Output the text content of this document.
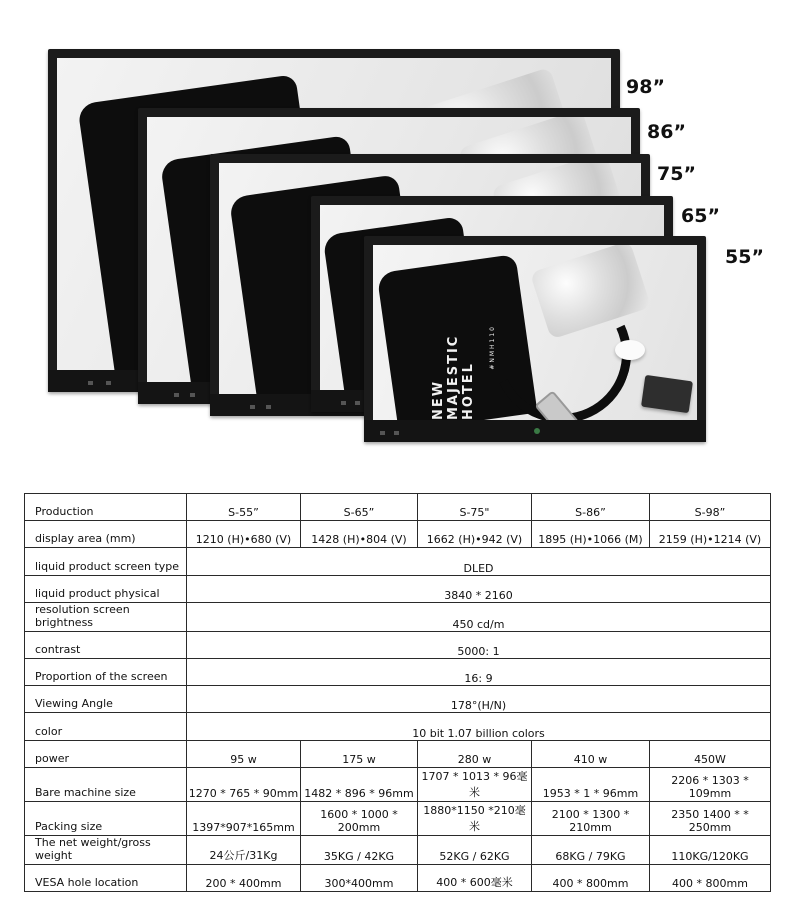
98”
86”
75”
65”
NEW MAJESTIC HOTEL
#NMH110
55”
Production	S-55”	S-65”	S-75"	S-86”	S-98”
display area (mm)	1210 (H)•680 (V)	1428 (H)•804 (V)	1662 (H)•942 (V)	1895 (H)•1066 (M)	2159 (H)•1214 (V)
liquid product screen type	DLED				
liquid product physical	3840 * 2160				
resolution screen brightness	450 cd/m				
contrast	5000: 1				
Proportion of the screen	16: 9				
Viewing Angle	178°(H/N)				
color	10 bit 1.07 billion colors				
power	95 w	175 w	280 w	410 w	450W
Bare machine size	1270 * 765 * 90mm	1482 * 896 * 96mm	1707 * 1013 * 96毫米	1953 * 1 * 96mm	2206 * 1303 * 109mm
Packing size	1397*907*165mm	1600 * 1000 * 200mm	1880*1150 *210毫米	2100 * 1300 * 210mm	2350 1400 * * 250mm
The net weight/gross weight	24公斤/31Kg	35KG / 42KG	52KG / 62KG	68KG / 79KG	110KG/120KG
VESA hole location	200 * 400mm	300*400mm	400 * 600毫米	400 * 800mm	400 * 800mm
